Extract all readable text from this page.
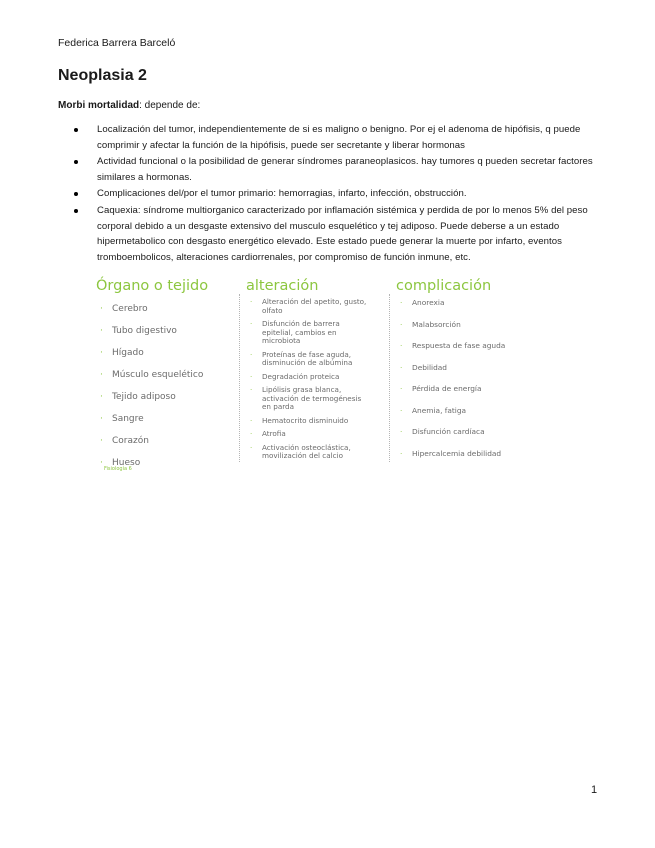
Federica Barrera Barceló
Neoplasia 2
Morbi mortalidad: depende de:
Localización del tumor, independientemente de si es maligno o benigno. Por ej el adenoma de hipófisis, q puede comprimir y afectar la función de la hipófisis, puede ser secretante y liberar hormonas
Actividad funcional o la posibilidad de generar síndromes paraneoplasicos. hay tumores q pueden secretar factores similares a hormonas.
Complicaciones del/por el tumor primario: hemorragias, infarto, infección, obstrucción.
Caquexia: síndrome multiorganico caracterizado por inflamación sistémica y perdida de por lo menos 5% del peso corporal debido a un desgaste extensivo del musculo esquelético y tej adiposo. Puede deberse a un estado hipermetabolico con desgasto energético elevado. Este estado puede generar la muerte por infarto, eventos tromboembolicos, alteraciones cardiorrenales, por compromiso de función inmune, etc.
Órgano o tejido
· Cerebro
· Tubo digestivo
· Hígado
· Músculo esquelético
· Tejido adiposo
· Sangre
· Corazón
· Hueso
alteración
· Alteración del apetito, gusto, olfato
· Disfunción de barrera epitelial, cambios en microbiota
· Proteínas de fase aguda, disminución de albúmina
· Degradación proteica
· Lipólisis grasa blanca, activación de termogénesis en parda
· Hematocrito disminuido
· Atrofia
· Activación osteoclástica, movilización del calcio
complicación
· Anorexia
· Malabsorción
· Respuesta de fase aguda
· Debilidad
· Pérdida de energía
· Anemia, fatiga
· Disfunción cardíaca
· Hipercalcemia debilidad
Fisiología 6
1
